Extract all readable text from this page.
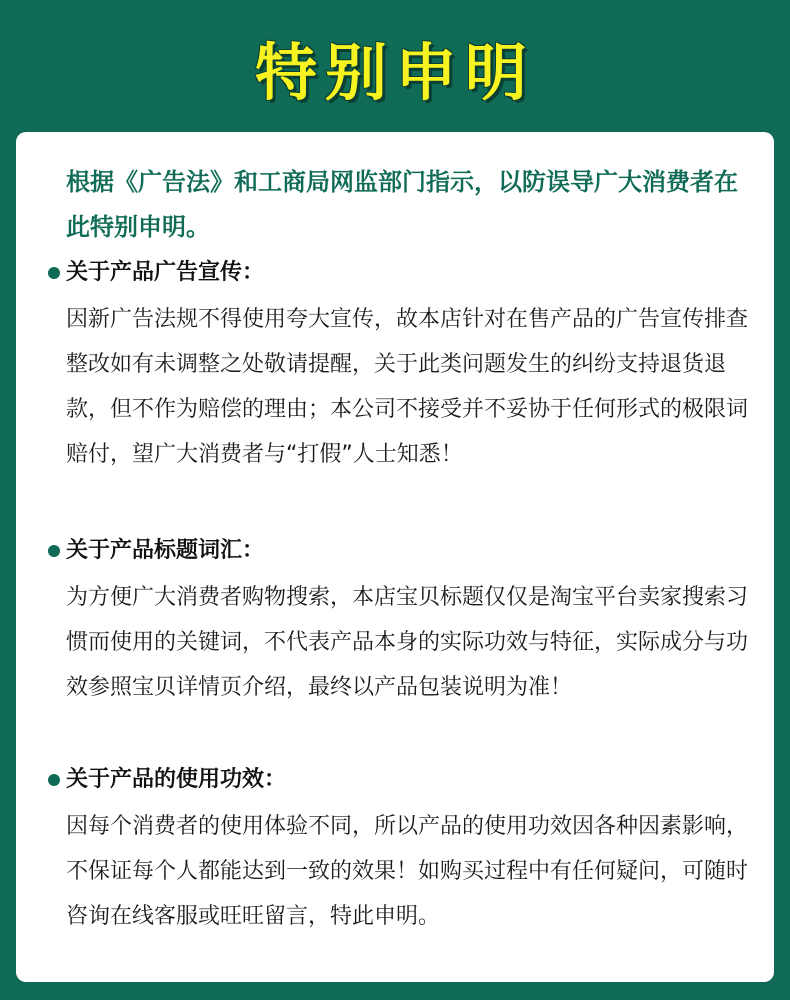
特别申明

根据《广告法》和工商局网监部门指示，以防误导广大消费者在此特别申明。

关于产品广告宣传：

因新广告法规不得使用夸大宣传，故本店针对在售产品的广告宣传排查整改如有未调整之处敬请提醒，关于此类问题发生的纠纷支持退货退款，但不作为赔偿的理由；本公司不接受并不妥协于任何形式的极限词赔付，望广大消费者与“打假”人士知悉！

关于产品标题词汇：

为方便广大消费者购物搜索，本店宝贝标题仅仅是淘宝平台卖家搜索习惯而使用的关键词，不代表产品本身的实际功效与特征，实际成分与功效参照宝贝详情页介绍，最终以产品包装说明为准！

关于产品的使用功效：

因每个消费者的使用体验不同，所以产品的使用功效因各种因素影响，不保证每个人都能达到一致的效果！如购买过程中有任何疑问，可随时咨询在线客服或旺旺留言，特此申明。
